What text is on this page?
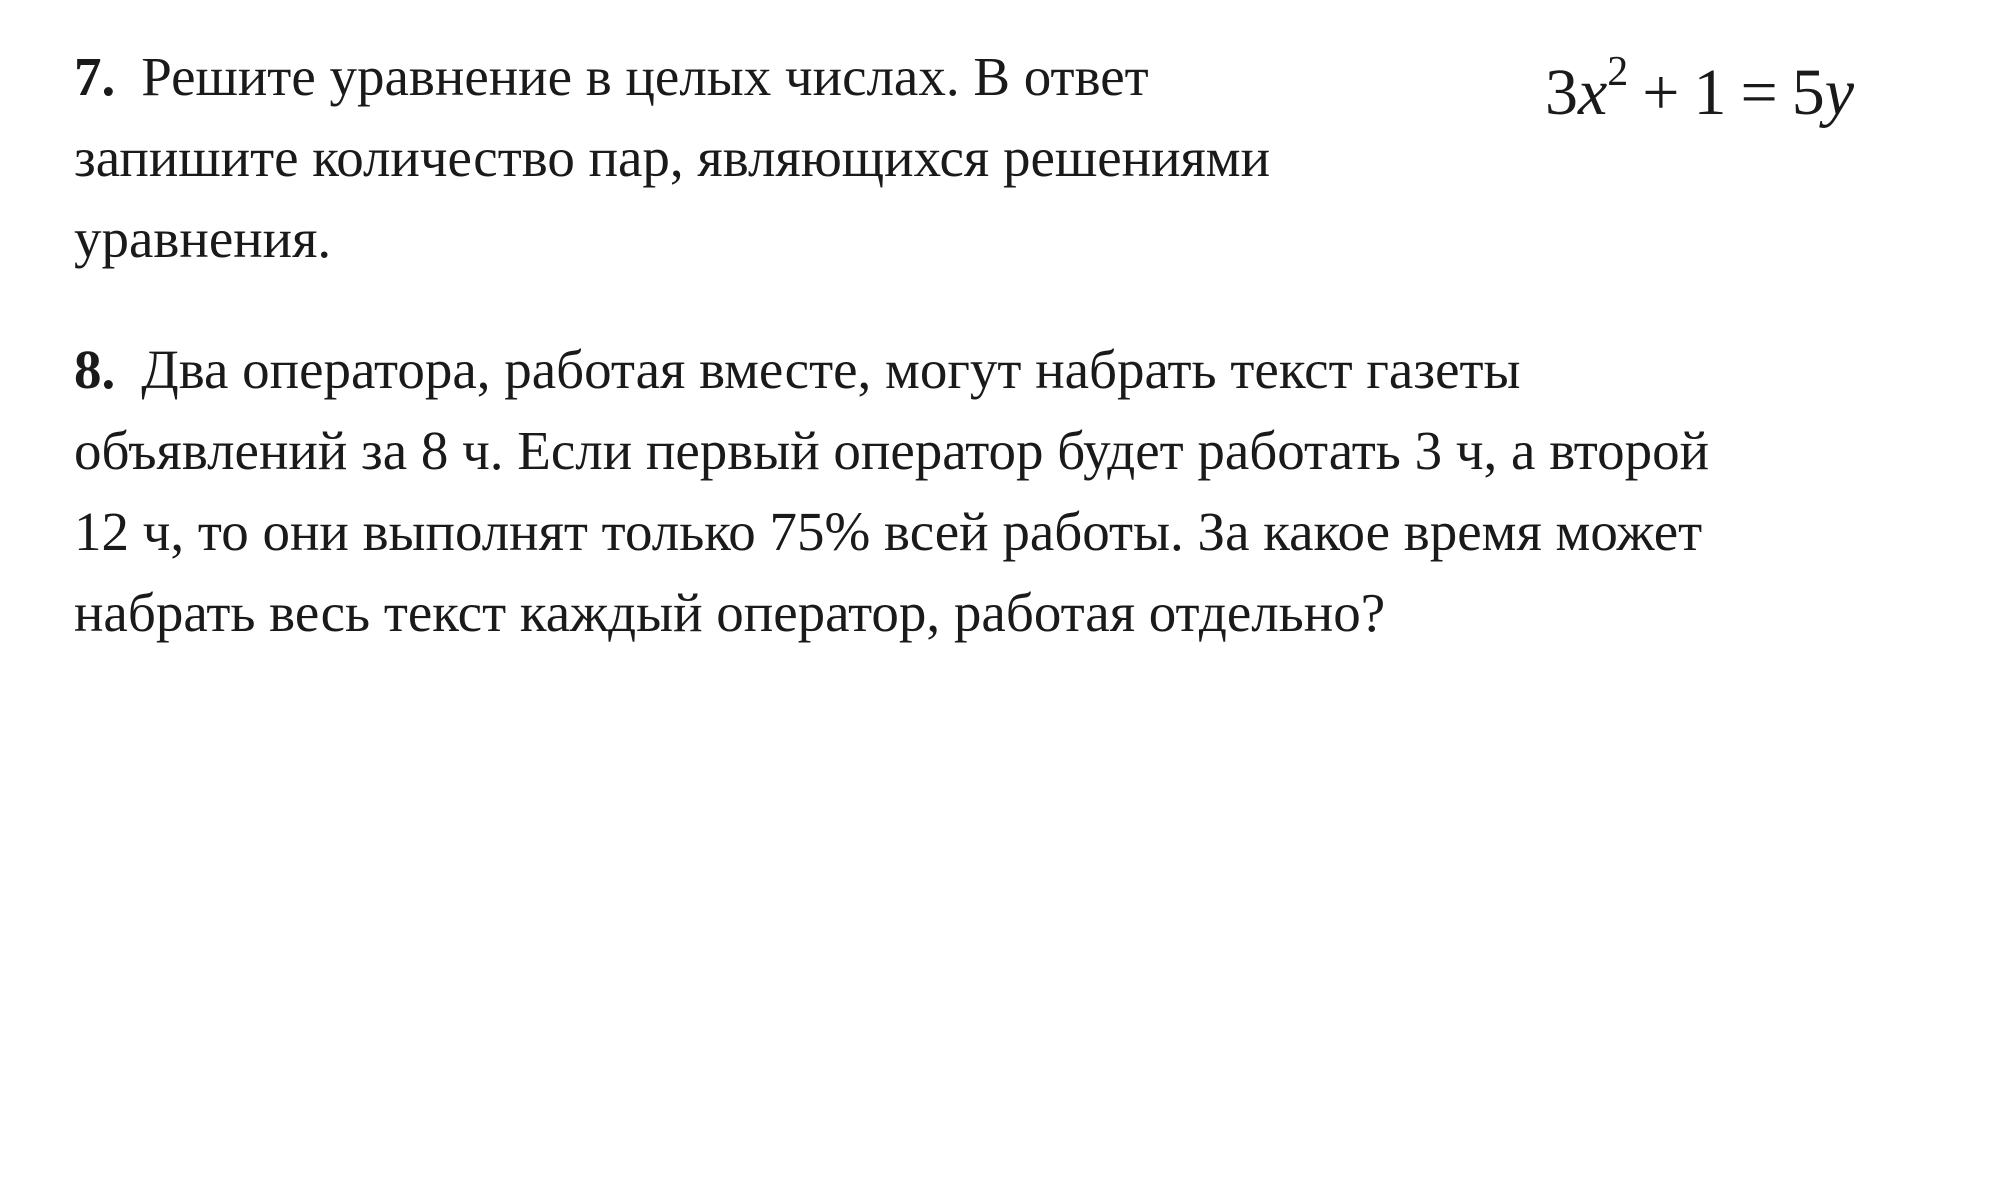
7. Решите уравнение в целых числах. В ответ
запишите количество пар, являющихся решениями
уравнения.
$3x^2 + 1 = 5y$
8. Два оператора, работая вместе, могут набрать текст газеты
объявлений за 8 ч. Если первый оператор будет работать 3 ч, а второй
12 ч, то они выполнят только 75% всей работы. За какое время может
набрать весь текст каждый оператор, работая отдельно?
